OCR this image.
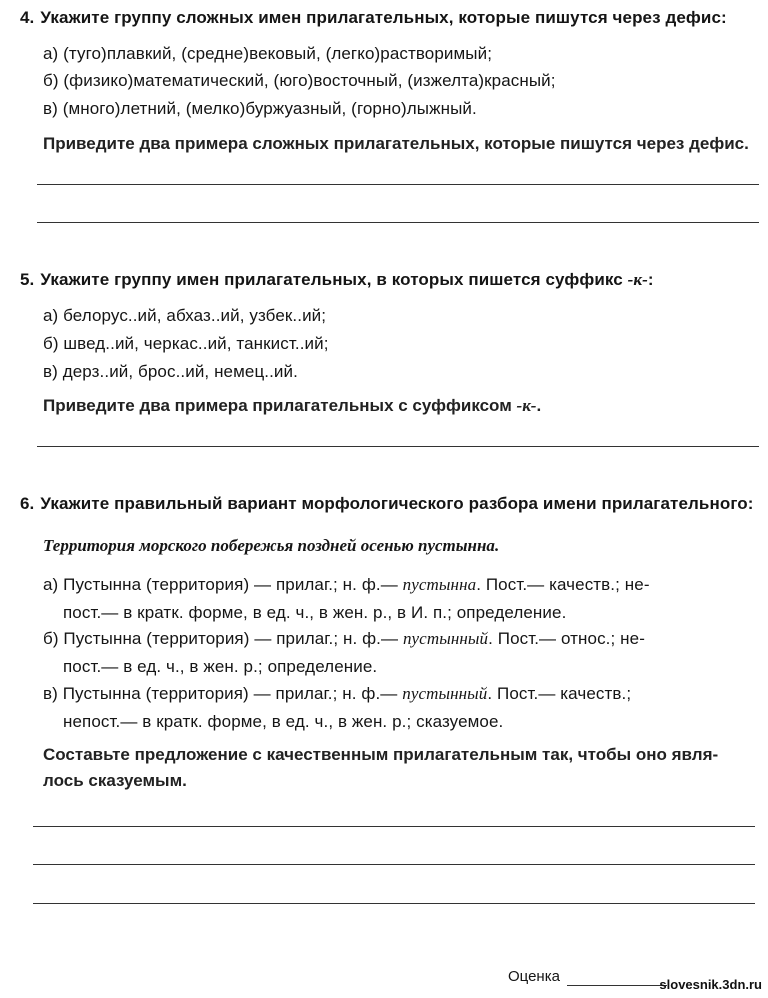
4. Укажите группу сложных имен прилагательных, которые пишутся через дефис:
а) (туго)плавкий, (средне)вековый, (легко)растворимый;
б) (физико)математический, (юго)восточный, (изжелта)красный;
в) (много)летний, (мелко)буржуазный, (горно)лыжный.
Приведите два примера сложных прилагательных, которые пишутся через дефис.
5. Укажите группу имен прилагательных, в которых пишется суффикс -к-:
а) белорус..ий, абхаз..ий, узбек..ий;
б) швед..ий, черкас..ий, танкист..ий;
в) дерз..ий, брос..ий, немец..ий.
Приведите два примера прилагательных с суффиксом -к-.
6. Укажите правильный вариант морфологического разбора имени прилагательного:
Территория морского побережья поздней осенью пустынна.
а) Пустынна (территория) — прилаг.; н. ф.— пустынна. Пост.— качеств.; не-
пост.— в кратк. форме, в ед. ч., в жен. р., в И. п.; определение.
б) Пустынна (территория) — прилаг.; н. ф.— пустынный. Пост.— относ.; не-
пост.— в ед. ч., в жен. р.; определение.
в) Пустынна (территория) — прилаг.; н. ф.— пустынный. Пост.— качеств.;
непост.— в кратк. форме, в ед. ч., в жен. р.; сказуемое.
Составьте предложение с качественным прилагательным так, чтобы оно явля-
лось сказуемым.
Оценка	slovesnik.3dn.ru
